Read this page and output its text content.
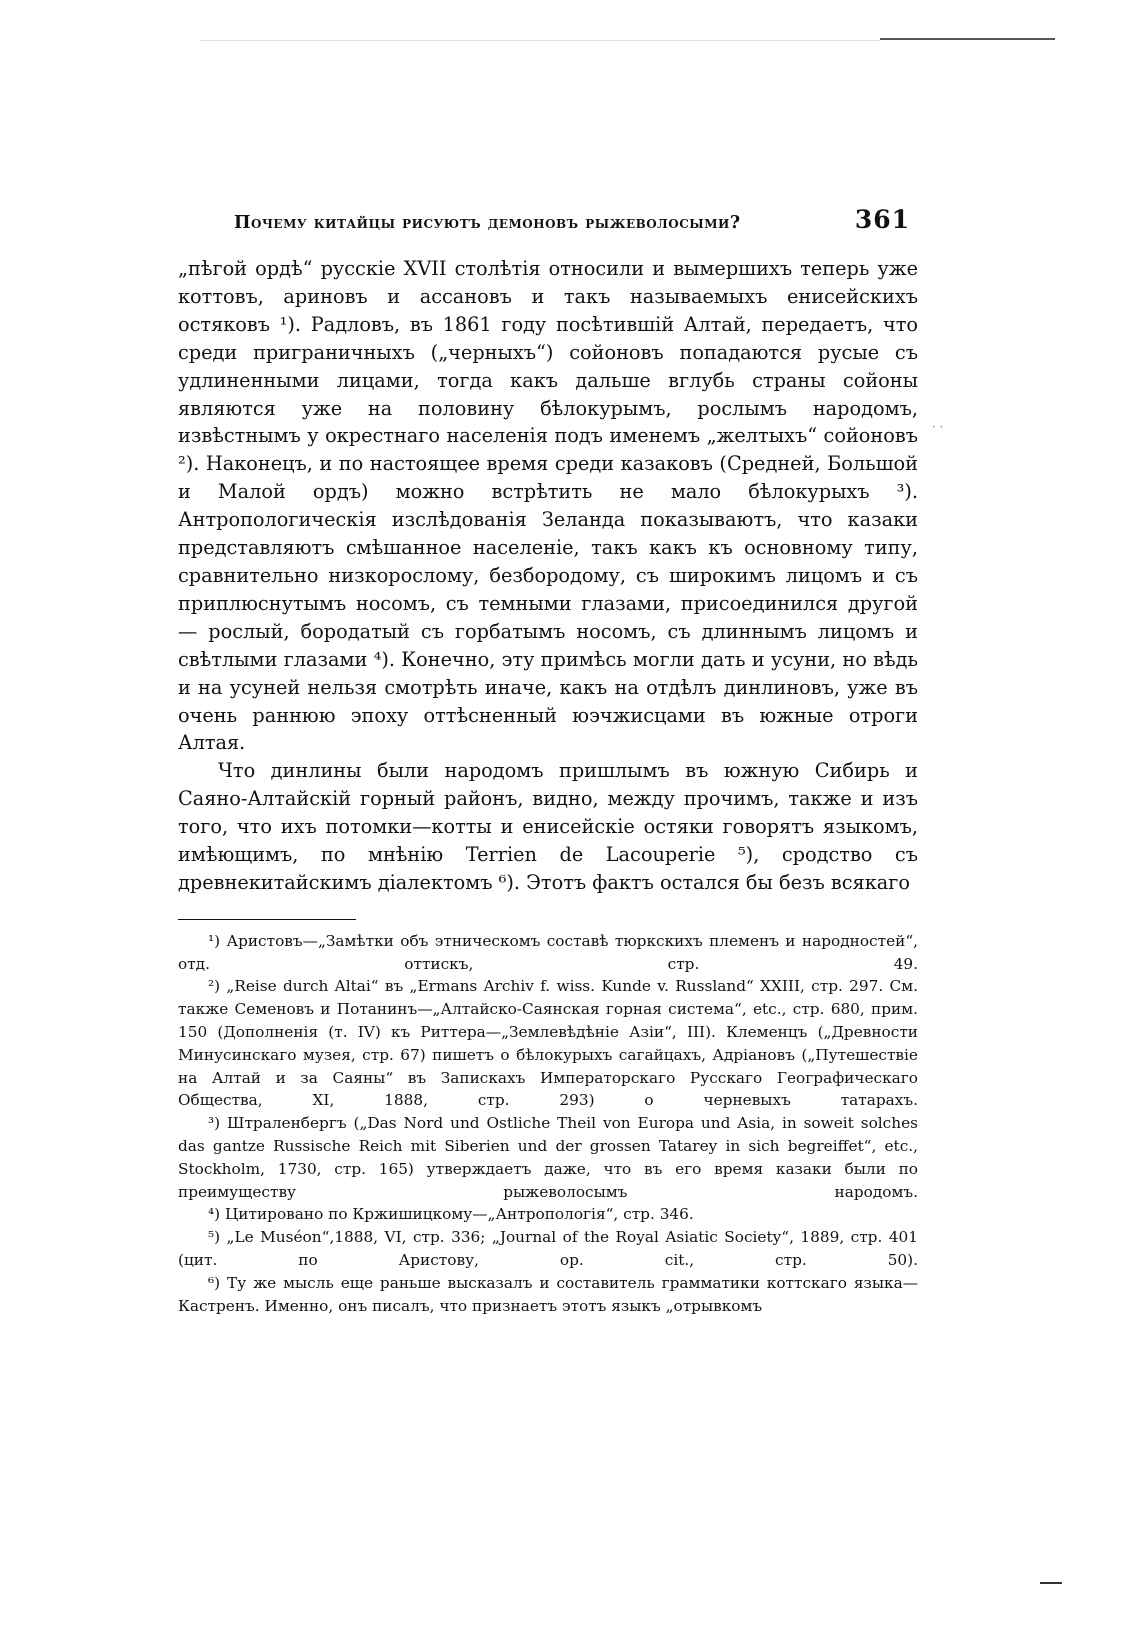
· ·
Почему китайцы рисуютъ демоновъ рыжеволосыми?	361

„пѣгой ордѣ“ русскіе XVII столѣтія относили и вымершихъ теперь уже коттовъ, ариновъ и ассановъ и такъ называемыхъ енисейскихъ остяковъ ¹). Радловъ, въ 1861 году посѣтившій Алтай, передаетъ, что среди приграничныхъ („черныхъ“) сойоновъ попадаются русые съ удлиненными лицами, тогда какъ дальше вглубь страны сойоны являются уже на половину бѣлокурымъ, рослымъ народомъ, извѣстнымъ у окрестнаго населенія подъ именемъ „желтыхъ“ сойоновъ ²). Наконецъ, и по настоящее время среди казаковъ (Средней, Большой и Малой ордъ) можно встрѣтить не мало бѣлокурыхъ ³). Антропологическія изслѣдованія Зеланда показываютъ, что казаки представляютъ смѣшанное населеніе, такъ какъ къ основному типу, сравнительно низкорослому, безбородому, съ широкимъ лицомъ и съ приплюснутымъ носомъ, съ темными глазами, присоединился другой — рослый, бородатый съ горбатымъ носомъ, съ длиннымъ лицомъ и свѣтлыми глазами ⁴). Конечно, эту примѣсь могли дать и усуни, но вѣдь и на усуней нельзя смотрѣть иначе, какъ на отдѣлъ динлиновъ, уже въ очень раннюю эпоху оттѣсненный юэчжисцами въ южные отроги Алтая.

Что динлины были народомъ пришлымъ въ южную Сибирь и Саяно-Алтайскій горный районъ, видно, между прочимъ, также и изъ того, что ихъ потомки—котты и енисейскіе остяки говорятъ языкомъ, имѣющимъ, по мнѣнію Terrien de Lacouperie ⁵), сродство съ древнекитайскимъ діалектомъ ⁶). Этотъ фактъ остался бы безъ всякаго

¹) Аристовъ—„Замѣтки объ этническомъ составѣ тюркскихъ племенъ и народностей“, отд. оттискъ, стр. 49.

²) „Reise durch Altai“ въ „Ermans Archiv f. wiss. Kunde v. Russland“ XXIII, стр. 297. См. также Семеновъ и Потанинъ—„Алтайско-Саянская горная система“, etc., стр. 680, прим. 150 (Дополненія (т. IV) къ Риттера—„Землевѣдѣніе Азіи“, III). Клеменцъ („Древности Минусинскаго музея, стр. 67) пишетъ о бѣлокурыхъ сагайцахъ, Адріановъ („Путешествіе на Алтай и за Саяны“ въ Запискахъ Императорскаго Русскаго Географическаго Общества, XI, 1888, стр. 293) о черневыхъ татарахъ.

³) Штраленбергъ („Das Nord und Ostliche Theil von Europa und Asia, in soweit solches das gantze Russische Reich mit Siberien und der grossen Tatarey in sich begreiffet“, etc., Stockholm, 1730, стр. 165) утверждаетъ даже, что въ его время казаки были по преимуществу рыжеволосымъ народомъ.

⁴) Цитировано по Кржишицкому—„Антропологія“, стр. 346.

⁵) „Le Muséon“,1888, VI, стр. 336; „Journal of the Royal Asiatic Society“, 1889, стр. 401 (цит. по Аристову, op. cit., стр. 50).

⁶) Ту же мысль еще раньше высказалъ и составитель грамматики коттскаго языка—Кастренъ. Именно, онъ писалъ, что признаетъ этотъ языкъ „отрывкомъ
